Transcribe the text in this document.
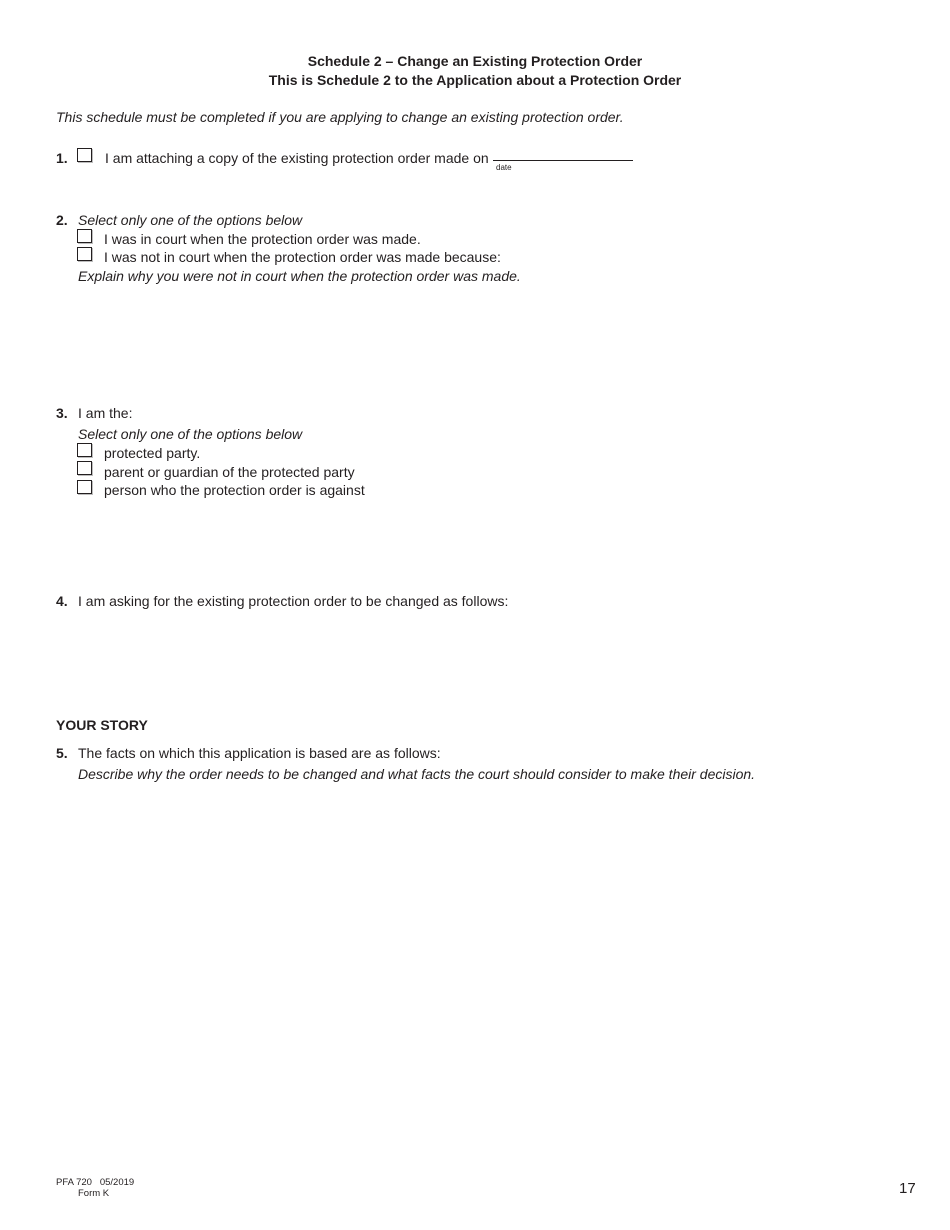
Schedule 2 – Change an Existing Protection Order
This is Schedule 2 to the Application about a Protection Order
This schedule must be completed if you are applying to change an existing protection order.
1.	I am attaching a copy of the existing protection order made on
date
2. Select only one of the options below
I was in court when the protection order was made.
I was not in court when the protection order was made because:
Explain why you were not in court when the protection order was made.
3. I am the:
Select only one of the options below
protected party.
parent or guardian of the protected party
person who the protection order is against
4. I am asking for the existing protection order to be changed as follows:
YOUR STORY
5. The facts on which this application is based are as follows:
Describe why the order needs to be changed and what facts the court should consider to make their decision.
PFA 720 05/2019
Form K	17
